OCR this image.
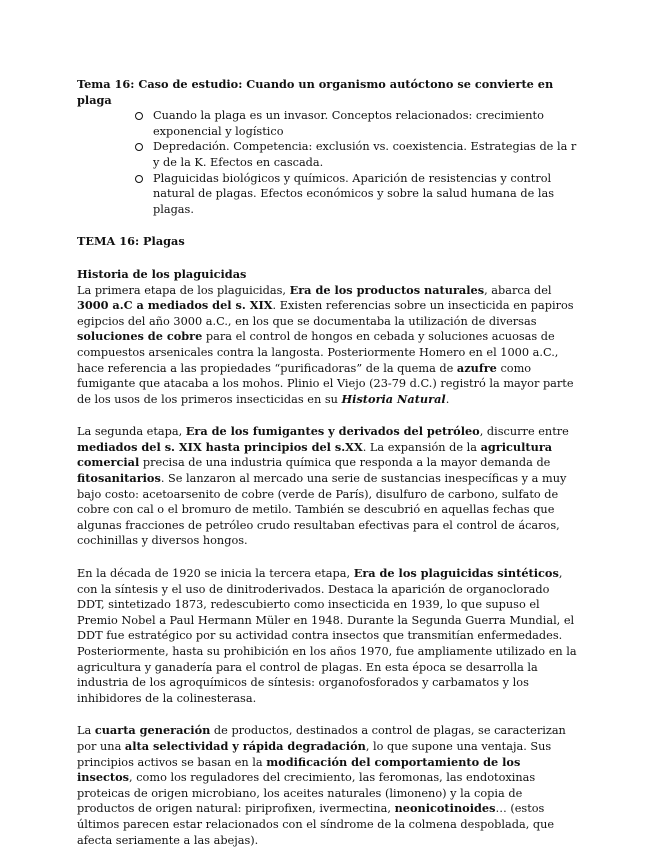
Tema 16: Caso de estudio: Cuando un organismo autóctono se convierte en plaga

Cuando la plaga es un invasor. Conceptos relacionados: crecimiento exponencial y logístico
Depredación. Competencia: exclusión vs. coexistencia. Estrategias de la r y de la K. Efectos en cascada.
Plaguicidas biológicos y químicos. Aparición de resistencias y control natural de plagas. Efectos económicos y sobre la salud humana de las plagas.

TEMA 16: Plagas

Historia de los plaguicidas

La primera etapa de los plaguicidas, Era de los productos naturales, abarca del 3000 a.C a mediados del s. XIX. Existen referencias sobre un insecticida en papiros egipcios del año 3000 a.C., en los que se documentaba la utilización de diversas soluciones de cobre para el control de hongos en cebada y soluciones acuosas de compuestos arsenicales contra la langosta. Posteriormente Homero en el 1000 a.C., hace referencia a las propiedades “purificadoras” de la quema de azufre como fumigante que atacaba a los mohos. Plinio el Viejo (23-79 d.C.) registró la mayor parte de los usos de los primeros insecticidas en su Historia Natural.

La segunda etapa, Era de los fumigantes y derivados del petróleo, discurre entre mediados del s. XIX hasta principios del s.XX. La expansión de la agricultura comercial precisa de una industria química que responda a la mayor demanda de fitosanitarios. Se lanzaron al mercado una serie de sustancias inespecíficas y a muy bajo costo: acetoarsenito de cobre (verde de París), disulfuro de carbono, sulfato de cobre con cal o el bromuro de metilo. También se descubrió en aquellas fechas que algunas fracciones de petróleo crudo resultaban efectivas para el control de ácaros, cochinillas y diversos hongos.

En la década de 1920 se inicia la tercera etapa, Era de los plaguicidas sintéticos, con la síntesis y el uso de dinitroderivados. Destaca la aparición de organoclorado DDT, sintetizado 1873, redescubierto como insecticida en 1939, lo que supuso el Premio Nobel a Paul Hermann Müler en 1948. Durante la Segunda Guerra Mundial, el DDT fue estratégico por su actividad contra insectos que transmitían enfermedades. Posteriormente, hasta su prohibición en los años 1970, fue ampliamente utilizado en la agricultura y ganadería para el control de plagas. En esta época se desarrolla la industria de los agroquímicos de síntesis: organofosforados y carbamatos y los inhibidores de la colinesterasa.

La cuarta generación de productos, destinados a control de plagas, se caracterizan por una alta selectividad y rápida degradación, lo que supone una ventaja. Sus principios activos se basan en la modificación del comportamiento de los insectos, como los reguladores del crecimiento, las feromonas, las endotoxinas proteicas de origen microbiano, los aceites naturales (limoneno) y la copia de productos de origen natural: piriprofixen, ivermectina, neonicotinoides… (estos últimos parecen estar relacionados con el síndrome de la colmena despoblada, que afecta seriamente a las abejas).
